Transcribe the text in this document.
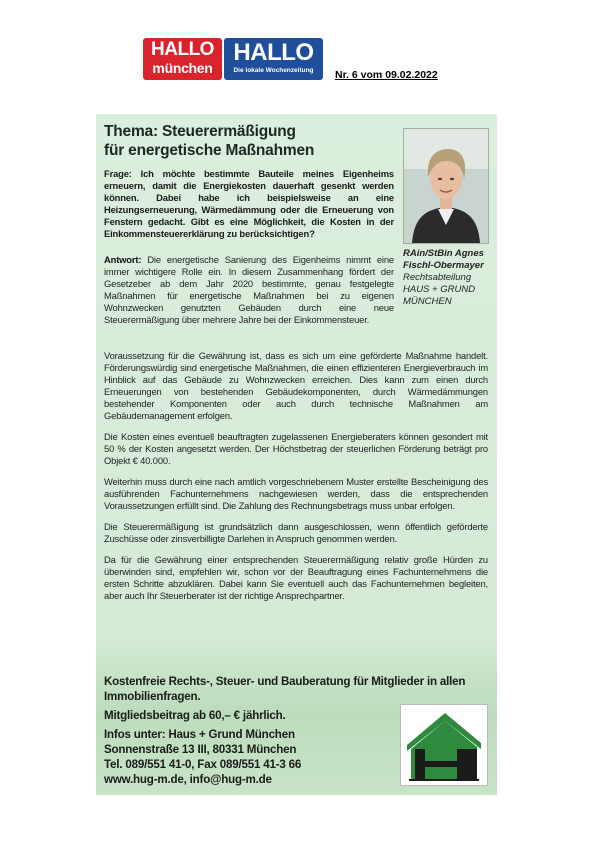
HALLO
münchen
HALLO
Die lokale Wochenzeitung	Nr. 6 vom 09.02.2022
Thema: Steuerermäßigung
für energetische Maßnahmen
Frage: Ich möchte bestimmte Bauteile meines Eigenheims erneuern, damit die Energiekosten dauerhaft gesenkt werden können. Dabei habe ich beispielsweise an eine Heizungserneuerung, Wärmedämmung oder die Erneuerung von Fenstern gedacht. Gibt es eine Möglichkeit, die Kosten in der Einkommensteuererklärung zu berücksichtigen?
Antwort: Die energetische Sanierung des Eigenheims nimmt eine immer wichtigere Rolle ein. In diesem Zusammenhang fördert der Gesetzeber ab dem Jahr 2020 bestimmte, genau festgelegte Maßnahmen für energetische Maßnahmen bei zu eigenen Wohnzwecken genutzten Gebäuden durch eine neue Steuerermäßigung über mehrere Jahre bei der Einkommensteuer.
RAin/StBin Agnes
Fischl-Obermayer
Rechtsabteilung
HAUS + GRUND
MÜNCHEN

Voraussetzung für die Gewährung ist, dass es sich um eine geförderte Maßnahme handelt. Förderungswürdig sind energetische Maßnahmen, die einen effizienteren Energieverbrauch im Hinblick auf das Gebäude zu Wohnzwecken erreichen. Dies kann zum einen durch Erneuerungen von bestehenden Gebäudekomponenten, durch Wärmedämmungen bestehender Komponenten oder auch durch technische Maßnahmen am Gebäudemanagement erfolgen.

Die Kosten eines eventuell beauftragten zugelassenen Energieberaters können gesondert mit 50 % der Kosten angesetzt werden. Der Höchstbetrag der steuerlichen Förderung beträgt pro Objekt € 40.000.

Weiterhin muss durch eine nach amtlich vorgeschriebenem Muster erstellte Bescheinigung des ausführenden Fachunternehmens nachgewiesen werden, dass die entsprechenden Voraussetzungen erfüllt sind. Die Zahlung des Rechnungsbetrags muss unbar erfolgen.

Die Steuerermäßigung ist grundsätzlich dann ausgeschlossen, wenn öffentlich geförderte Zuschüsse oder zinsverbilligte Darlehen in Anspruch genommen werden.

Da für die Gewährung einer entsprechenden Steuerermäßigung relativ große Hürden zu überwinden sind, empfehlen wir, schon vor der Beauftragung eines Fachunternehmens die ersten Schritte abzuklären. Dabei kann Sie eventuell auch das Fachunternehmen begleiten, aber auch Ihr Steuerberater ist der richtige Ansprechpartner.

Kostenfreie Rechts-, Steuer- und Bauberatung für Mitglieder in allen Immobilienfragen.

Mitgliedsbeitrag ab 60,– € jährlich.

Infos unter: Haus + Grund München
Sonnenstraße 13 III, 80331 München
Tel. 089/551 41-0, Fax 089/551 41-3 66
www.hug-m.de, info@hug-m.de
